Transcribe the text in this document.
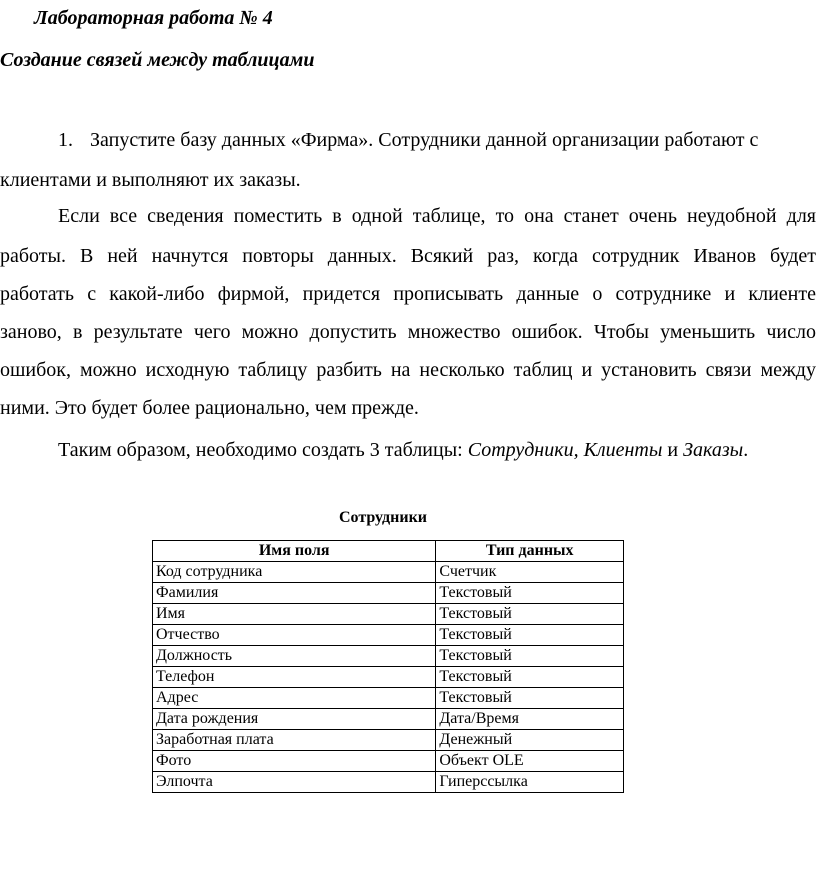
Лабораторная работа № 4
Создание связей между таблицами
1. Запустите базу данных «Фирма». Сотрудники данной организации работают с
клиентами и выполняют их заказы.
Если все сведения поместить в одной таблице, то она станет очень неудобной для
работы. В ней начнутся повторы данных. Всякий раз, когда сотрудник Иванов будет
работать с какой-либо фирмой, придется прописывать данные о сотруднике и клиенте
заново, в результате чего можно допустить множество ошибок. Чтобы уменьшить число
ошибок, можно исходную таблицу разбить на несколько таблиц и установить связи между
ними. Это будет более рационально, чем прежде.
Таким образом, необходимо создать 3 таблицы: Сотрудники, Клиенты и Заказы.
Сотрудники
Имя поля	Тип данных
Код сотрудника	Счетчик
Фамилия	Текстовый
Имя	Текстовый
Отчество	Текстовый
Должность	Текстовый
Телефон	Текстовый
Адрес	Текстовый
Дата рождения	Дата/Время
Заработная плата	Денежный
Фото	Объект OLE
Элпочта	Гиперссылка
